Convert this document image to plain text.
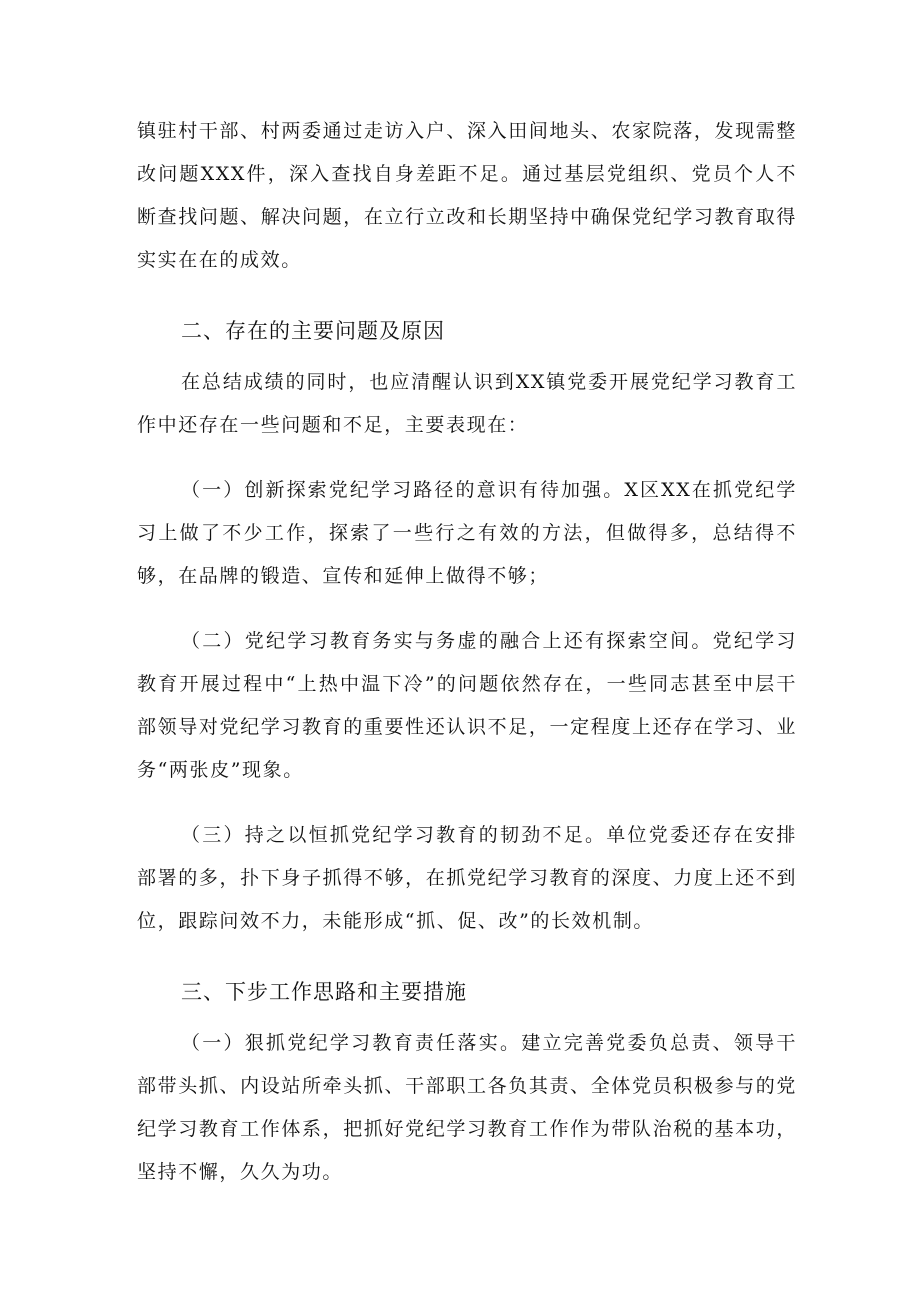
镇驻村干部、村两委通过走访入户、深入田间地头、农家院落，发现需整改问题XXX件，深入查找自身差距不足。通过基层党组织、党员个人不断查找问题、解决问题，在立行立改和长期坚持中确保党纪学习教育取得实实在在的成效。

二、存在的主要问题及原因

在总结成绩的同时，也应清醒认识到XX镇党委开展党纪学习教育工作中还存在一些问题和不足，主要表现在：

（一）创新探索党纪学习路径的意识有待加强。X区XX在抓党纪学习上做了不少工作，探索了一些行之有效的方法，但做得多，总结得不够，在品牌的锻造、宣传和延伸上做得不够；

（二）党纪学习教育务实与务虚的融合上还有探索空间。党纪学习教育开展过程中“上热中温下冷”的问题依然存在，一些同志甚至中层干部领导对党纪学习教育的重要性还认识不足，一定程度上还存在学习、业务“两张皮”现象。

（三）持之以恒抓党纪学习教育的韧劲不足。单位党委还存在安排部署的多，扑下身子抓得不够，在抓党纪学习教育的深度、力度上还不到位，跟踪问效不力，未能形成“抓、促、改”的长效机制。

三、下步工作思路和主要措施

（一）狠抓党纪学习教育责任落实。建立完善党委负总责、领导干部带头抓、内设站所牵头抓、干部职工各负其责、全体党员积极参与的党纪学习教育工作体系，把抓好党纪学习教育工作作为带队治税的基本功，坚持不懈，久久为功。
